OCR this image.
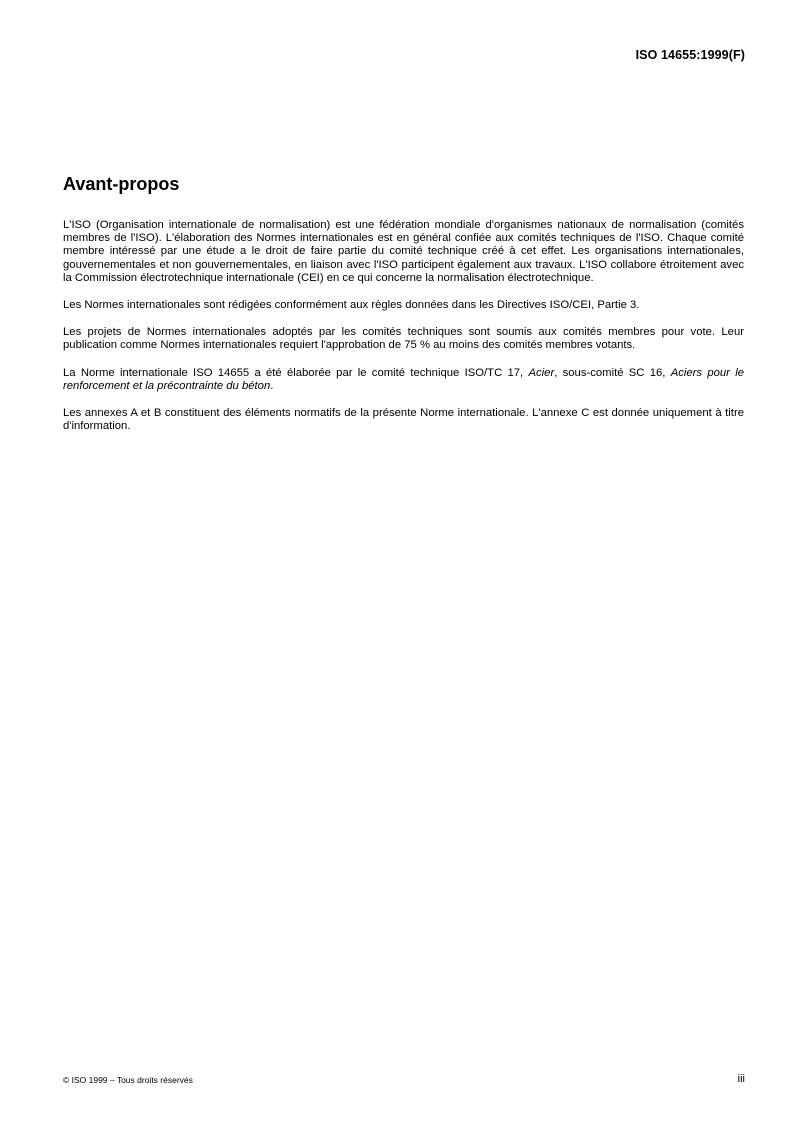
ISO 14655:1999(F)
Avant-propos

L'ISO (Organisation internationale de normalisation) est une fédération mondiale d'organismes nationaux de normalisation (comités membres de l'ISO). L'élaboration des Normes internationales est en général confiée aux comités techniques de l'ISO. Chaque comité membre intéressé par une étude a le droit de faire partie du comité technique créé à cet effet. Les organisations internationales, gouvernementales et non gouvernementales, en liaison avec l'ISO participent également aux travaux. L'ISO collabore étroitement avec la Commission électrotechnique internationale (CEI) en ce qui concerne la normalisation électrotechnique.

Les Normes internationales sont rédigées conformément aux règles données dans les Directives ISO/CEI, Partie 3.

Les projets de Normes internationales adoptés par les comités techniques sont soumis aux comités membres pour vote. Leur publication comme Normes internationales requiert l'approbation de 75 % au moins des comités membres votants.

La Norme internationale ISO 14655 a été élaborée par le comité technique ISO/TC 17, Acier, sous-comité SC 16, Aciers pour le renforcement et la précontrainte du béton.

Les annexes A et B constituent des éléments normatifs de la présente Norme internationale. L'annexe C est donnée uniquement à titre d'information.

© ISO 1999 – Tous droits réservés	iii
